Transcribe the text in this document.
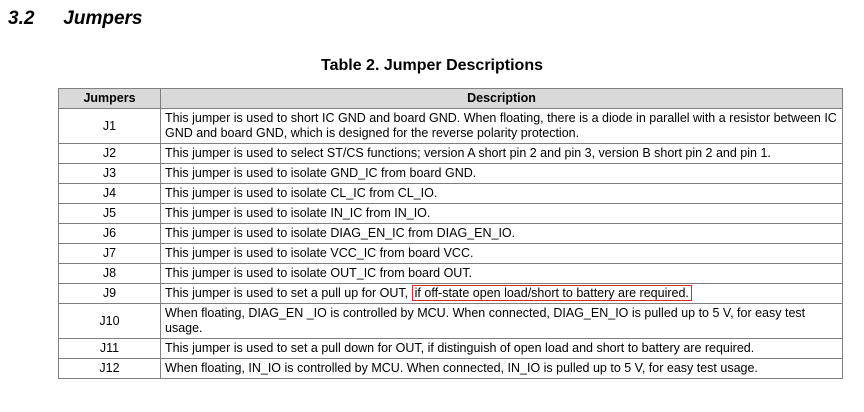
3.2 Jumpers
Table 2. Jumper Descriptions
Jumpers	Description
J1	This jumper is used to short IC GND and board GND. When floating, there is a diode in parallel with a resistor between IC GND and board GND, which is designed for the reverse polarity protection.
J2	This jumper is used to select ST/CS functions; version A short pin 2 and pin 3, version B short pin 2 and pin 1.
J3	This jumper is used to isolate GND_IC from board GND.
J4	This jumper is used to isolate CL_IC from CL_IO.
J5	This jumper is used to isolate IN_IC from IN_IO.
J6	This jumper is used to isolate DIAG_EN_IC from DIAG_EN_IO.
J7	This jumper is used to isolate VCC_IC from board VCC.
J8	This jumper is used to isolate OUT_IC from board OUT.
J9	This jumper is used to set a pull up for OUT, if off-state open load/short to battery are required.
J10	When floating, DIAG_EN _IO is controlled by MCU. When connected, DIAG_EN_IO is pulled up to 5 V, for easy test usage.
J11	This jumper is used to set a pull down for OUT, if distinguish of open load and short to battery are required.
J12	When floating, IN_IO is controlled by MCU. When connected, IN_IO is pulled up to 5 V, for easy test usage.
